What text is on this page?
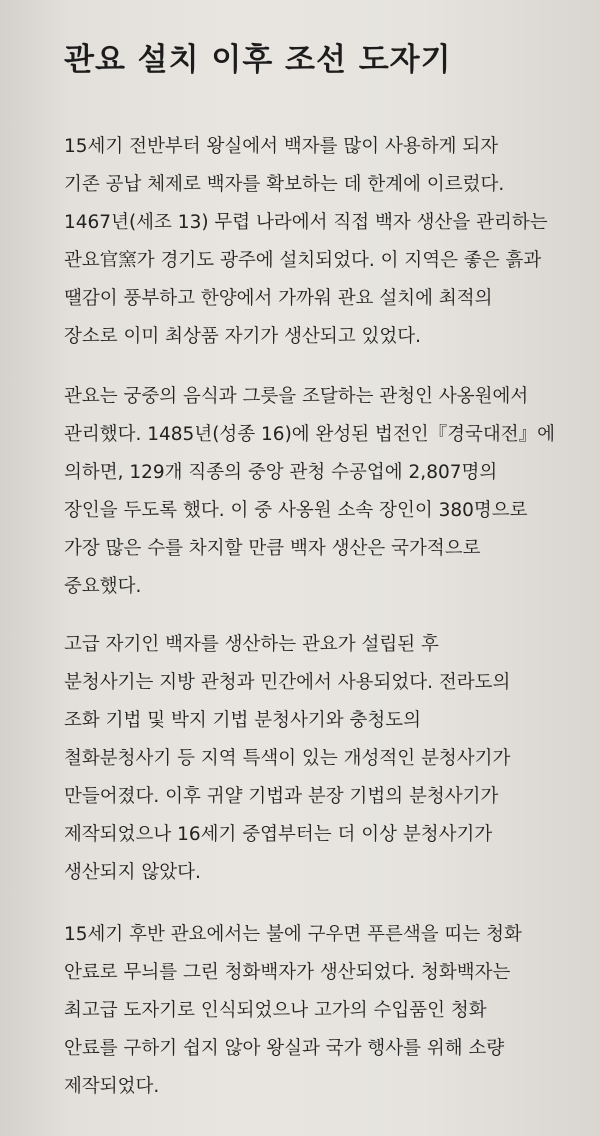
관요 설치 이후 조선 도자기
15세기 전반부터 왕실에서 백자를 많이 사용하게 되자
기존 공납 체제로 백자를 확보하는 데 한계에 이르렀다.
1467년(세조 13) 무렵 나라에서 직접 백자 생산을 관리하는
관요官窯가 경기도 광주에 설치되었다. 이 지역은 좋은 흙과
땔감이 풍부하고 한양에서 가까워 관요 설치에 최적의
장소로 이미 최상품 자기가 생산되고 있었다.
관요는 궁중의 음식과 그릇을 조달하는 관청인 사옹원에서
관리했다. 1485년(성종 16)에 완성된 법전인『경국대전』에
의하면, 129개 직종의 중앙 관청 수공업에 2,807명의
장인을 두도록 했다. 이 중 사옹원 소속 장인이 380명으로
가장 많은 수를 차지할 만큼 백자 생산은 국가적으로
중요했다.
고급 자기인 백자를 생산하는 관요가 설립된 후
분청사기는 지방 관청과 민간에서 사용되었다. 전라도의
조화 기법 및 박지 기법 분청사기와 충청도의
철화분청사기 등 지역 특색이 있는 개성적인 분청사기가
만들어졌다. 이후 귀얄 기법과 분장 기법의 분청사기가
제작되었으나 16세기 중엽부터는 더 이상 분청사기가
생산되지 않았다.
15세기 후반 관요에서는 불에 구우면 푸른색을 띠는 청화
안료로 무늬를 그린 청화백자가 생산되었다. 청화백자는
최고급 도자기로 인식되었으나 고가의 수입품인 청화
안료를 구하기 쉽지 않아 왕실과 국가 행사를 위해 소량
제작되었다.
